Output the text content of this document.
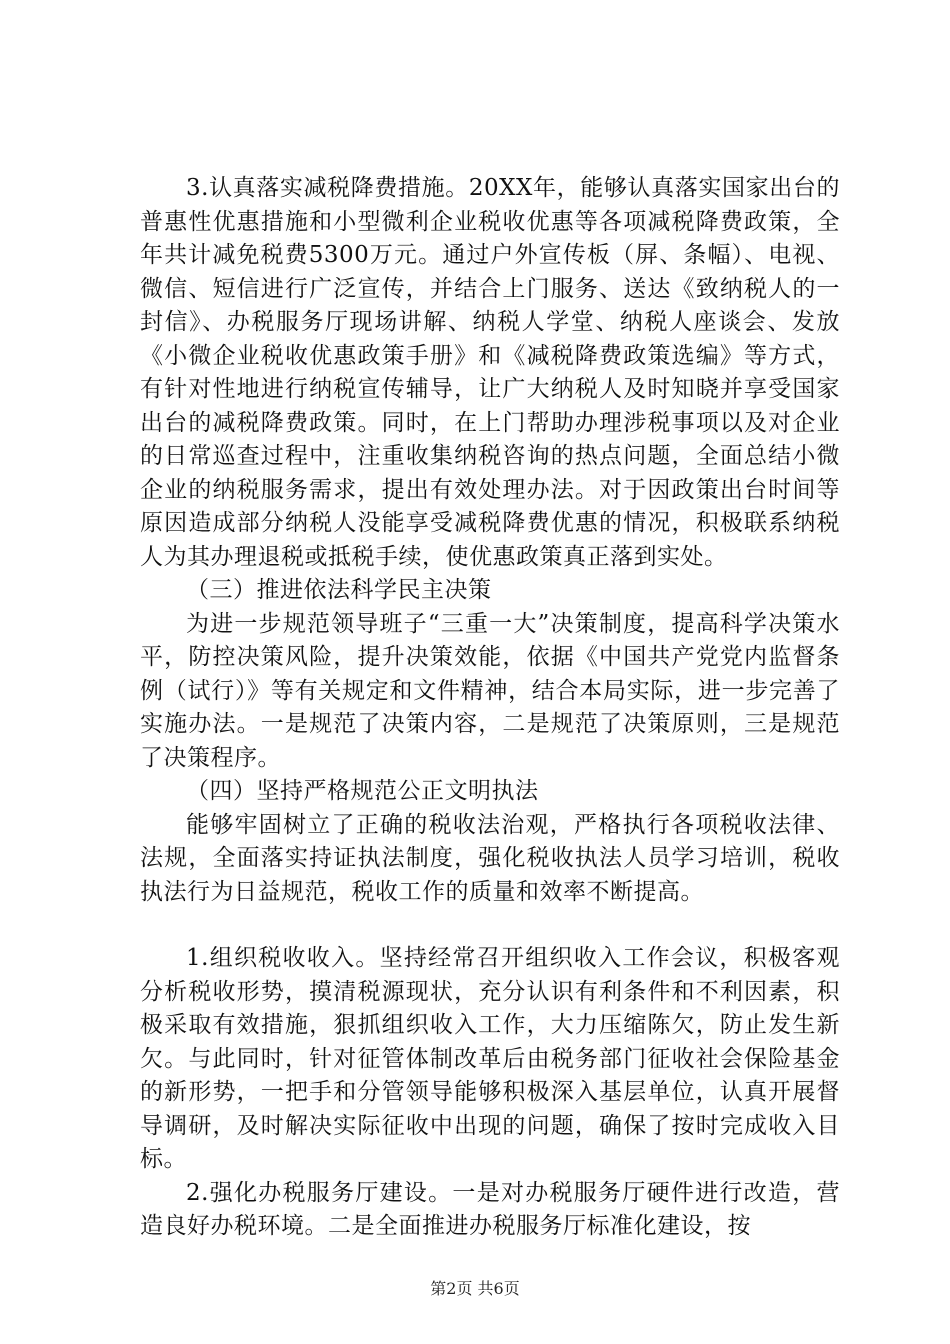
3.认真落实减税降费措施。20XX年，能够认真落实国家出台的普惠性优惠措施和小型微利企业税收优惠等各项减税降费政策，全年共计减免税费5300万元。通过户外宣传板（屏、条幅）、电视、微信、短信进行广泛宣传，并结合上门服务、送达《致纳税人的一封信》、办税服务厅现场讲解、纳税人学堂、纳税人座谈会、发放《小微企业税收优惠政策手册》和《减税降费政策选编》等方式，有针对性地进行纳税宣传辅导，让广大纳税人及时知晓并享受国家出台的减税降费政策。同时，在上门帮助办理涉税事项以及对企业的日常巡查过程中，注重收集纳税咨询的热点问题，全面总结小微企业的纳税服务需求，提出有效处理办法。对于因政策出台时间等原因造成部分纳税人没能享受减税降费优惠的情况，积极联系纳税人为其办理退税或抵税手续，使优惠政策真正落到实处。

（三）推进依法科学民主决策

为进一步规范领导班子“三重一大”决策制度，提高科学决策水平，防控决策风险，提升决策效能，依据《中国共产党党内监督条例（试行）》等有关规定和文件精神，结合本局实际，进一步完善了实施办法。一是规范了决策内容，二是规范了决策原则，三是规范了决策程序。

（四）坚持严格规范公正文明执法

能够牢固树立了正确的税收法治观，严格执行各项税收法律、法规，全面落实持证执法制度，强化税收执法人员学习培训，税收执法行为日益规范，税收工作的质量和效率不断提高。

1.组织税收收入。坚持经常召开组织收入工作会议，积极客观分析税收形势，摸清税源现状，充分认识有利条件和不利因素，积极采取有效措施，狠抓组织收入工作，大力压缩陈欠，防止发生新欠。与此同时，针对征管体制改革后由税务部门征收社会保险基金的新形势，一把手和分管领导能够积极深入基层单位，认真开展督导调研，及时解决实际征收中出现的问题，确保了按时完成收入目标。

2.强化办税服务厅建设。一是对办税服务厅硬件进行改造，营造良好办税环境。二是全面推进办税服务厅标准化建设，按

第2页 共6页
